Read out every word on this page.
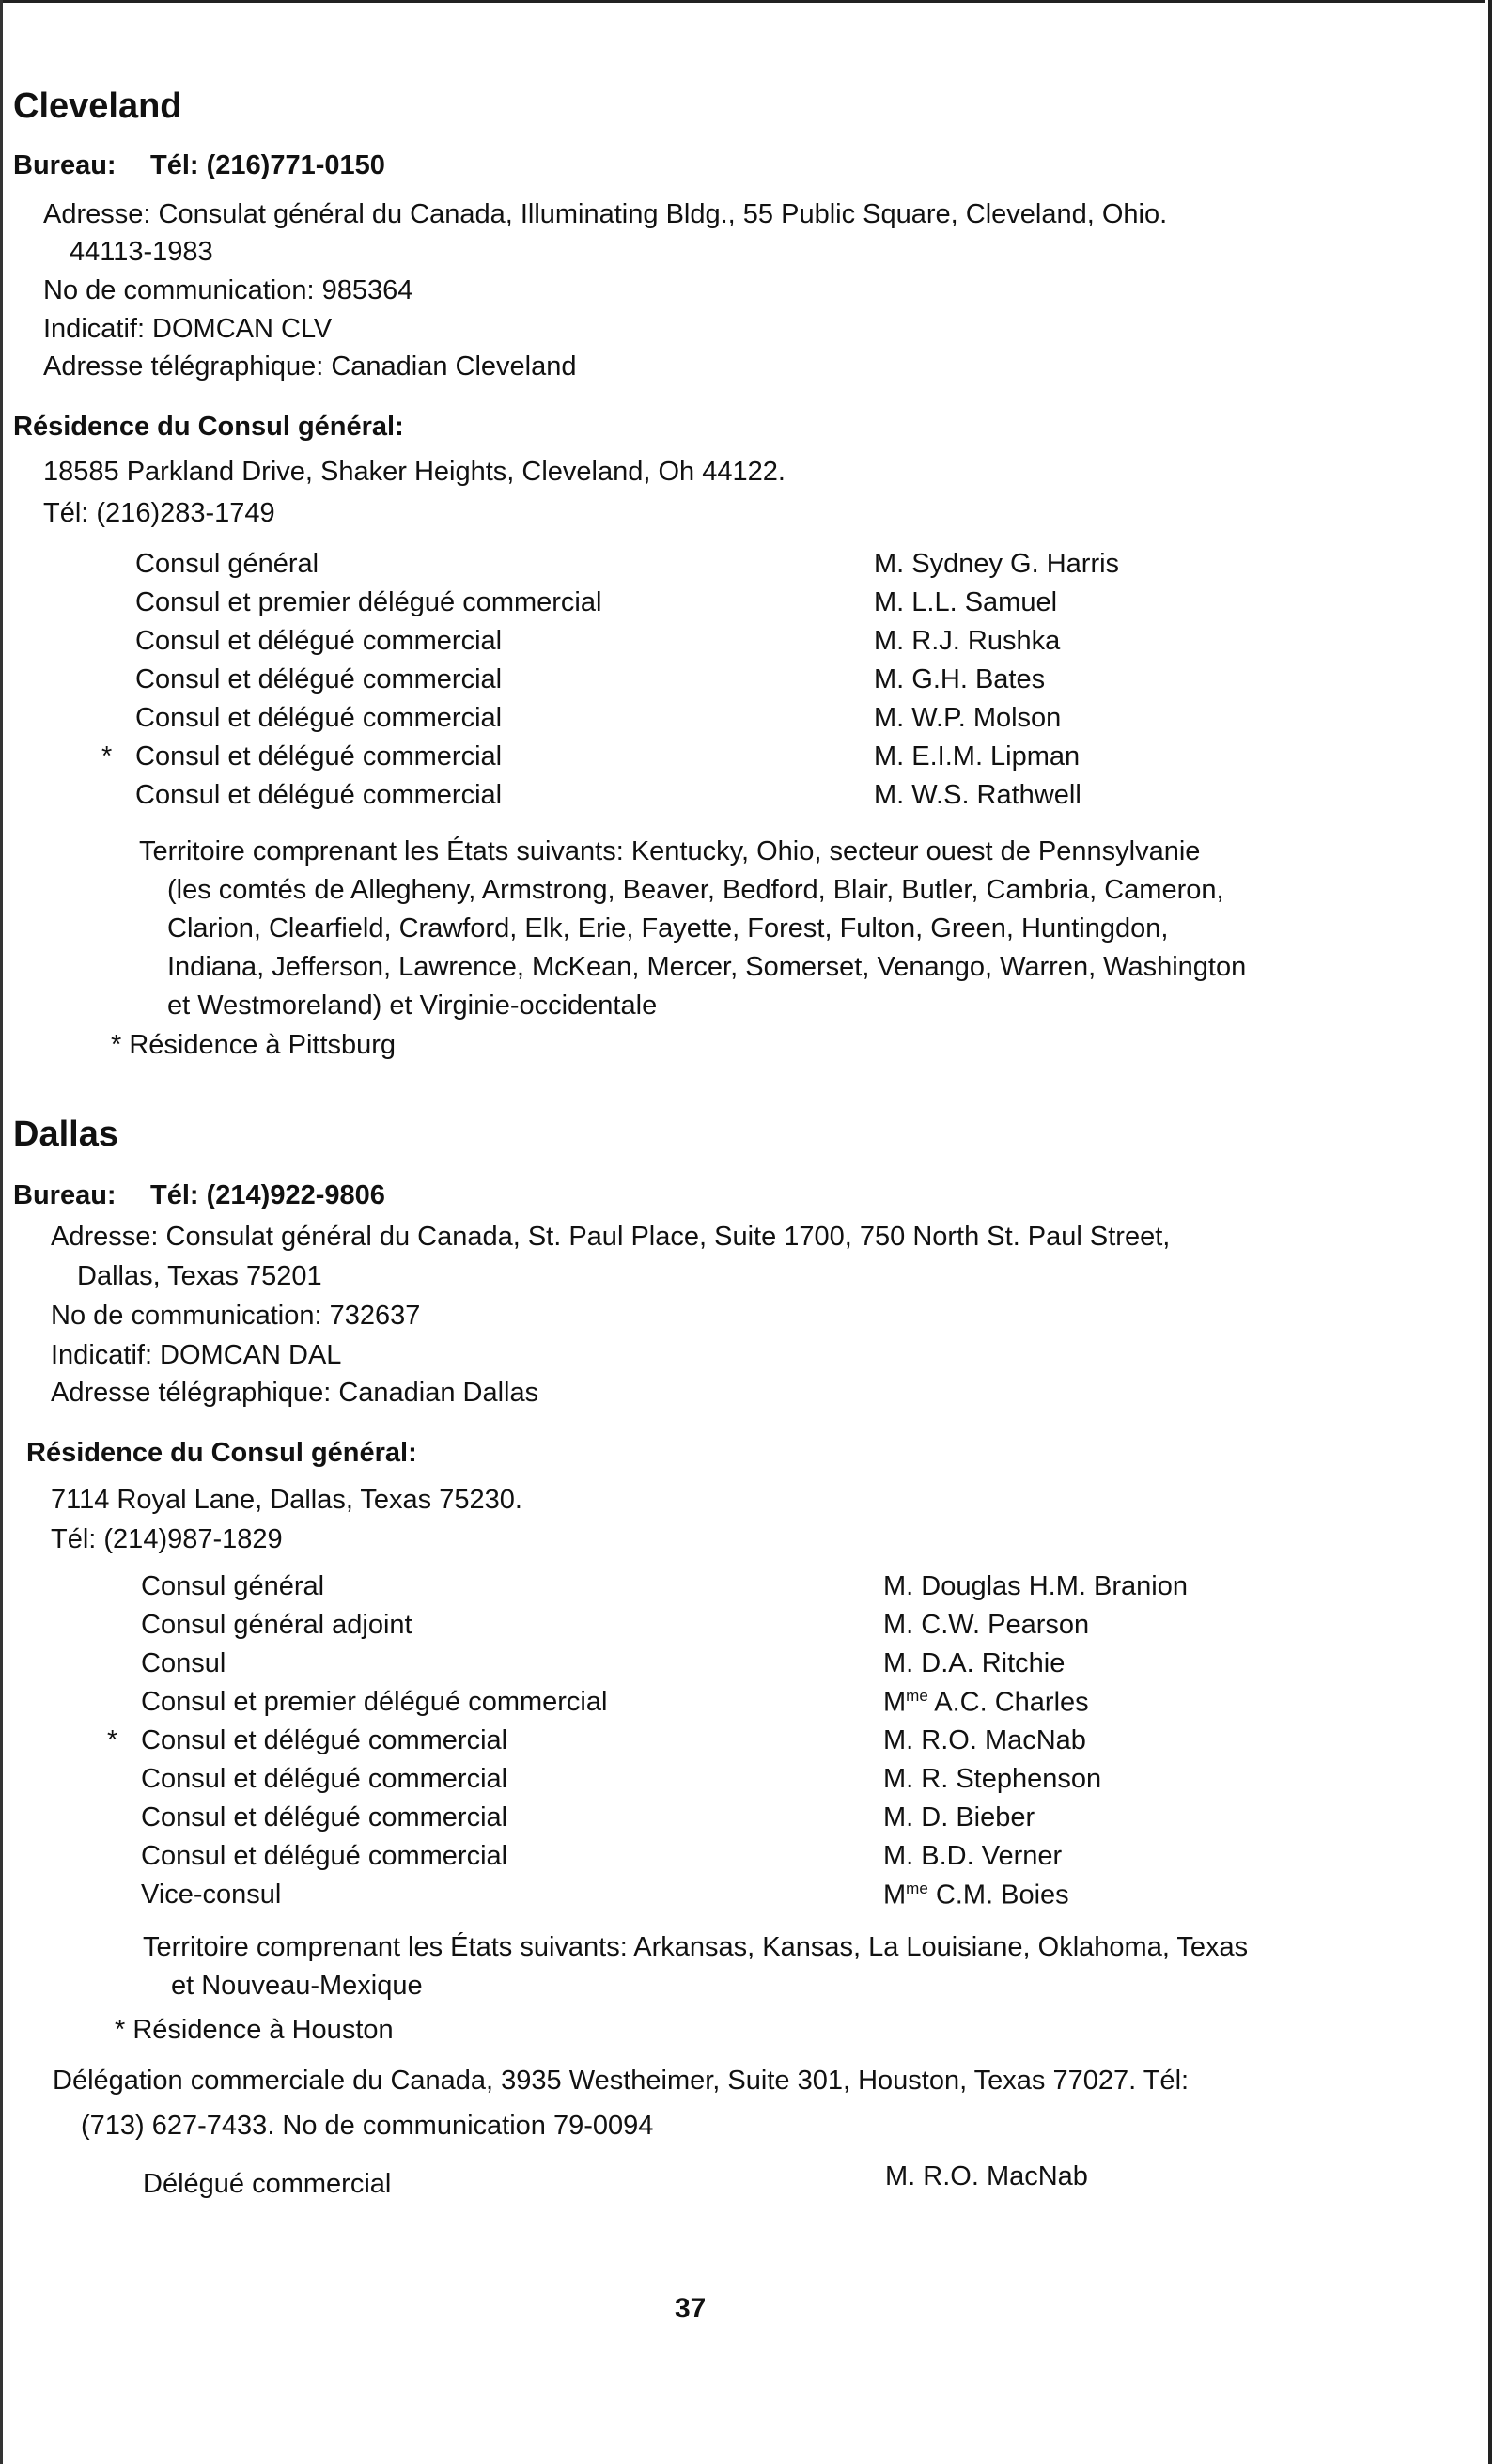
Cleveland
Bureau: Tél: (216)771-0150
Adresse: Consulat général du Canada, Illuminating Bldg., 55 Public Square, Cleveland, Ohio.
44113-1983
No de communication: 985364
Indicatif: DOMCAN CLV
Adresse télégraphique: Canadian Cleveland
Résidence du Consul général:
18585 Parkland Drive, Shaker Heights, Cleveland, Oh 44122.
Tél: (216)283-1749
Consul général	M. Sydney G. Harris
Consul et premier délégué commercial	M. L.L. Samuel
Consul et délégué commercial	M. R.J. Rushka
Consul et délégué commercial	M. G.H. Bates
Consul et délégué commercial	M. W.P. Molson
* Consul et délégué commercial	M. E.I.M. Lipman
Consul et délégué commercial	M. W.S. Rathwell
Territoire comprenant les États suivants: Kentucky, Ohio, secteur ouest de Pennsylvanie
(les comtés de Allegheny, Armstrong, Beaver, Bedford, Blair, Butler, Cambria, Cameron,
Clarion, Clearfield, Crawford, Elk, Erie, Fayette, Forest, Fulton, Green, Huntingdon,
Indiana, Jefferson, Lawrence, McKean, Mercer, Somerset, Venango, Warren, Washington
et Westmoreland) et Virginie-occidentale
* Résidence à Pittsburg
Dallas
Bureau: Tél: (214)922-9806
Adresse: Consulat général du Canada, St. Paul Place, Suite 1700, 750 North St. Paul Street,
Dallas, Texas 75201
No de communication: 732637
Indicatif: DOMCAN DAL
Adresse télégraphique: Canadian Dallas
Résidence du Consul général:
7114 Royal Lane, Dallas, Texas 75230.
Tél: (214)987-1829
Consul général	M. Douglas H.M. Branion
Consul général adjoint	M. C.W. Pearson
Consul	M. D.A. Ritchie
Consul et premier délégué commercial	$M^{me}$ A.C. Charles
* Consul et délégué commercial	M. R.O. MacNab
Consul et délégué commercial	M. R. Stephenson
Consul et délégué commercial	M. D. Bieber
Consul et délégué commercial	M. B.D. Verner
Vice-consul	$M^{me}$ C.M. Boies
Territoire comprenant les États suivants: Arkansas, Kansas, La Louisiane, Oklahoma, Texas
et Nouveau-Mexique
* Résidence à Houston
Délégation commerciale du Canada, 3935 Westheimer, Suite 301, Houston, Texas 77027. Tél:
(713) 627-7433. No de communication 79-0094
Délégué commercial	M. R.O. MacNab
37
